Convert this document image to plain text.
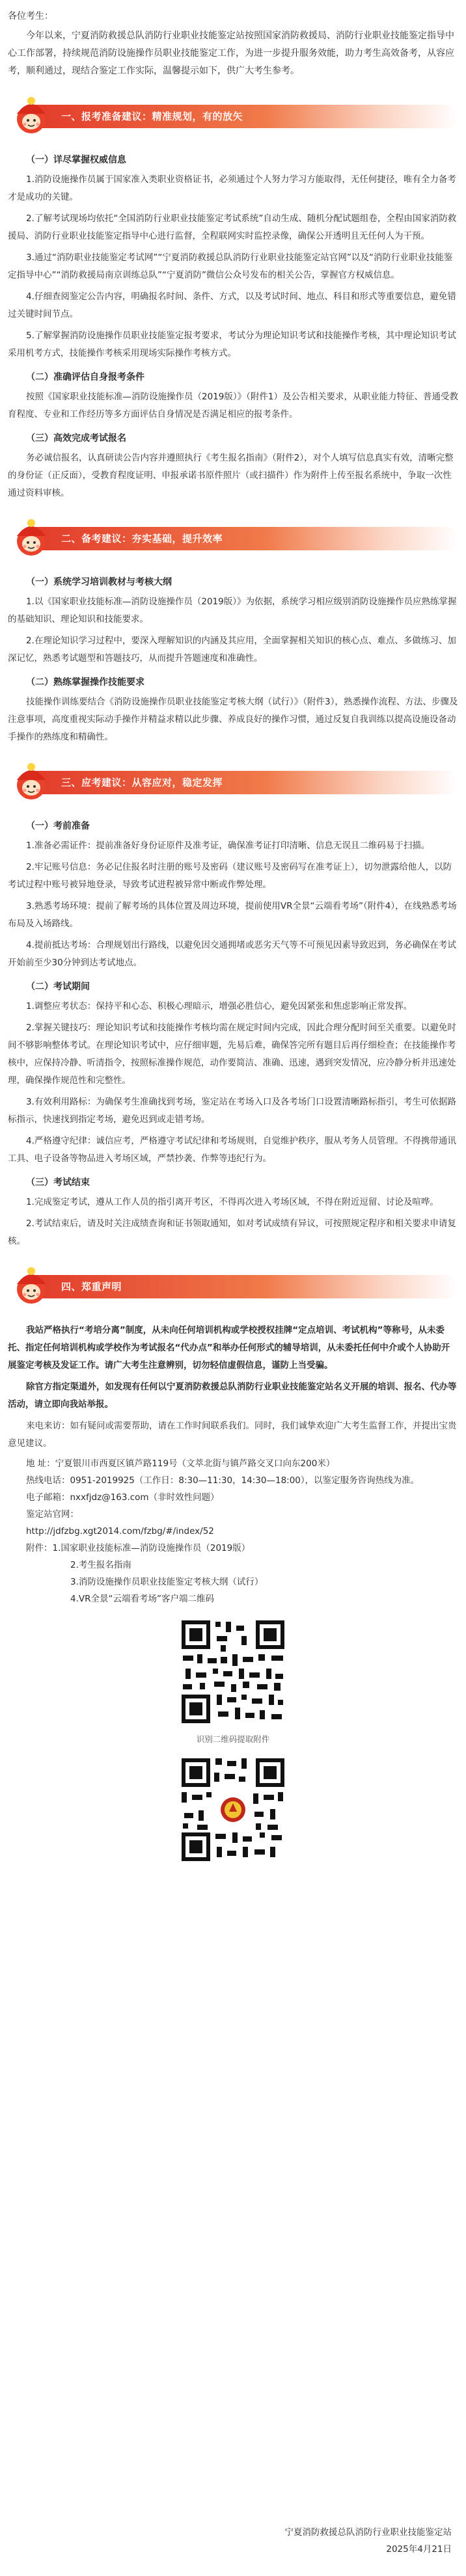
各位考生：

今年以来，宁夏消防救援总队消防行业职业技能鉴定站按照国家消防救援局、消防行业职业技能鉴定指导中心工作部署，持续规范消防设施操作员职业技能鉴定工作，为进一步提升服务效能，助力考生高效备考，从容应考，顺利通过，现结合鉴定工作实际，温馨提示如下，供广大考生参考。

一、报考准备建议：精准规划，有的放矢

（一）详尽掌握权威信息

1.消防设施操作员属于国家准入类职业资格证书，必须通过个人努力学习方能取得，无任何捷径，唯有全力备考才是成功的关键。

2.了解考试现场均依托“全国消防行业职业技能鉴定考试系统”自动生成、随机分配试题组卷，全程由国家消防救援局、消防行业职业技能鉴定指导中心进行监督，全程联网实时监控录像，确保公开透明且无任何人为干预。

3.通过“消防职业技能鉴定考试网”“宁夏消防救援总队消防行业职业技能鉴定站官网”以及“消防行业职业技能鉴定指导中心”“消防救援局南京训练总队”“宁夏消防”微信公众号发布的相关公告，掌握官方权威信息。

4.仔细查阅鉴定公告内容，明确报名时间、条件、方式，以及考试时间、地点、科目和形式等重要信息，避免错过关键时间节点。

5.了解掌握消防设施操作员职业技能鉴定报考要求，考试分为理论知识考试和技能操作考核，其中理论知识考试采用机考方式，技能操作考核采用现场实际操作考核方式。

（二）准确评估自身报考条件

按照《国家职业技能标准—消防设施操作员（2019版）》（附件1）及公告相关要求，从职业能力特征、普通受教育程度、专业和工作经历等多方面评估自身情况是否满足相应的报考条件。

（三）高效完成考试报名

务必诚信报名，认真研读公告内容并遵照执行《考生报名指南》（附件2），对个人填写信息真实有效，清晰完整的身份证（正反面），受教育程度证明、申报承诺书原件照片（或扫描件）作为附件上传至报名系统中，争取一次性通过资料审核。

二、备考建议：夯实基础，提升效率

（一）系统学习培训教材与考核大纲

1.以《国家职业技能标准—消防设施操作员（2019版）》为依据，系统学习相应级别消防设施操作员应熟练掌握的基础知识、理论知识和技能要求。

2.在理论知识学习过程中，要深入理解知识的内涵及其应用，全面掌握相关知识的核心点、难点、多做练习、加深记忆，熟悉考试题型和答题技巧，从而提升答题速度和准确性。

（二）熟练掌握操作技能要求

技能操作训练要结合《消防设施操作员职业技能鉴定考核大纲（试行）》（附件3），熟悉操作流程、方法、步骤及注意事项，高度重视实际动手操作并精益求精以此步骤、养成良好的操作习惯，通过反复自我训练以提高设施设备动手操作的熟练度和精确性。

三、应考建议：从容应对，稳定发挥

（一）考前准备

1.准备必需证件：提前准备好身份证原件及准考证，确保准考证打印清晰、信息无误且二维码易于扫描。

2.牢记账号信息：务必记住报名时注册的账号及密码（建议账号及密码写在准考证上），切勿泄露给他人，以防考试过程中账号被异地登录，导致考试进程被异常中断或作弊处理。

3.熟悉考场环境：提前了解考场的具体位置及周边环境，提前使用VR全景“云端看考场”（附件4），在线熟悉考场布局及入场路线。

4.提前抵达考场：合理规划出行路线，以避免因交通拥堵或恶劣天气等不可预见因素导致迟到，务必确保在考试开始前至少30分钟到达考试地点。

（二）考试期间

1.调整应考状态：保持平和心态、积极心理暗示，增强必胜信心，避免因紧张和焦虑影响正常发挥。

2.掌握关键技巧：理论知识考试和技能操作考核均需在规定时间内完成，因此合理分配时间至关重要。以避免时间不够影响整体考试。在理论知识考试中，应仔细审题，先易后难，确保答完所有题目后再仔细检查；在技能操作考核中，应保持冷静、听清指令，按照标准操作规范，动作要简洁、准确、迅速，遇到突发情况，应冷静分析并迅速处理，确保操作规范性和完整性。

3.有效利用路标：为确保考生准确找到考场，鉴定站在考场入口及各考场门口设置清晰路标指引，考生可依据路标指示，快速找到指定考场，避免迟到或走错考场。

4.严格遵守纪律：诚信应考，严格遵守考试纪律和考场规则，自觉维护秩序，服从考务人员管理。不得携带通讯工具、电子设备等物品进入考场区域，严禁抄袭、作弊等违纪行为。

（三）考试结束

1.完成鉴定考试，遵从工作人员的指引离开考区，不得再次进入考场区域，不得在附近逗留、讨论及喧哗。

2.考试结束后，请及时关注成绩查询和证书领取通知，如对考试成绩有异议，可按照规定程序和相关要求申请复核。

四、郑重声明

我站严格执行“考培分离”制度，从未向任何培训机构或学校授权挂牌“定点培训、考试机构”等称号，从未委托、指定任何培训机构或学校作为考试报名“代办点”和举办任何形式的辅导培训，从未委托任何中介或个人协助开展鉴定考核及发证工作。请广大考生注意辨别，切勿轻信虚假信息，谨防上当受骗。

除官方指定渠道外，如发现有任何以宁夏消防救援总队消防行业职业技能鉴定站名义开展的培训、报名、代办等活动，请立即向我站举报。

来电来访：如有疑问或需要帮助，请在工作时间联系我们。同时，我们诚挚欢迎广大考生监督工作，并提出宝贵意见建议。

地 址：宁夏银川市西夏区镇芦路119号（文萃北街与镇芦路交叉口向东200米）

热线电话：0951-2019925（工作日：8:30—11:30，14:30—18:00），以鉴定服务咨询热线为准。

电子邮箱：nxxfjdz@163.com（非时效性问题）

鉴定站官网：

http://jdfzbg.xgt2014.com/fzbg/#/index/52

附件：1.国家职业技能标准—消防设施操作员（2019版）

2.考生报名指南

3.消防设施操作员职业技能鉴定考核大纲（试行）

4.VR全景“云端看考场”客户端二维码

识别二维码提取附件
宁夏消防救援总队消防行业职业技能鉴定站
2025年4月21日
